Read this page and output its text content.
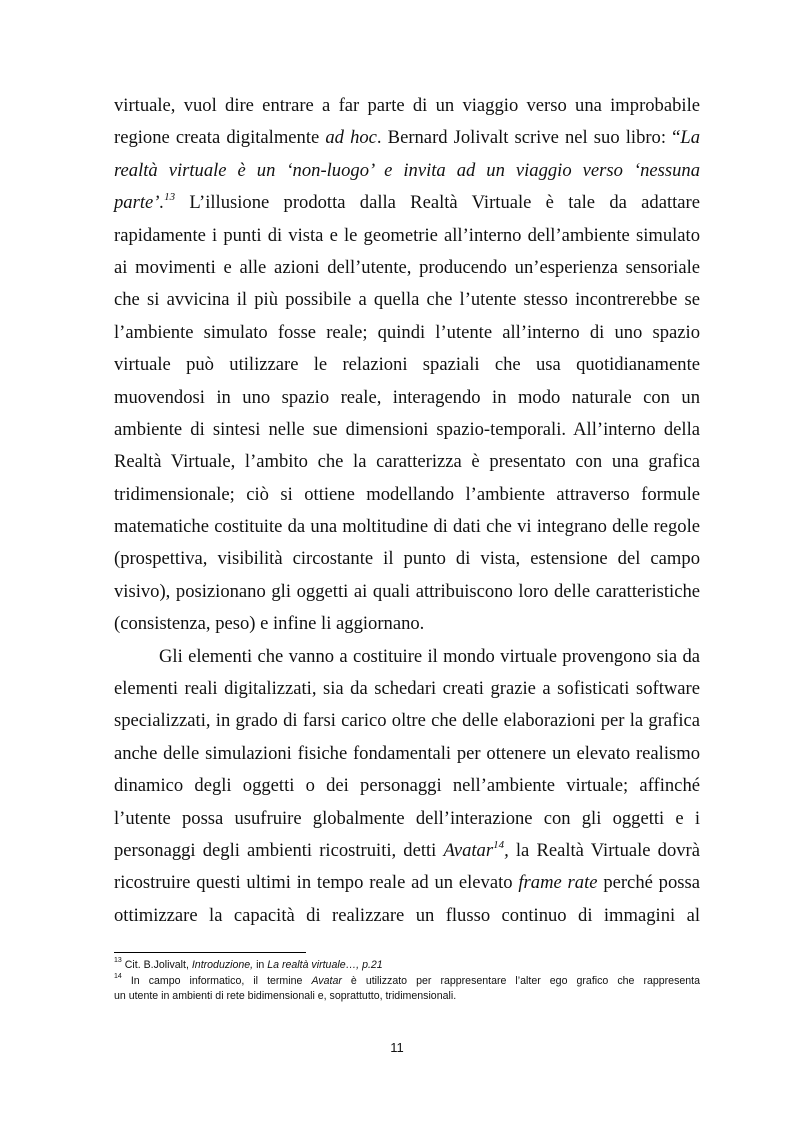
virtuale, vuol dire entrare a far parte di un viaggio verso una improbabile
regione creata digitalmente ad hoc. Bernard Jolivalt scrive nel suo libro: “La
realtà virtuale è un ‘non-luogo’ e invita ad un viaggio verso ‘nessuna
parte’.$^{13}$ L’illusione prodotta dalla Realtà Virtuale è tale da adattare
rapidamente i punti di vista e le geometrie all’interno dell’ambiente simulato
ai movimenti e alle azioni dell’utente, producendo un’esperienza sensoriale
che si avvicina il più possibile a quella che l’utente stesso incontrerebbe se
l’ambiente simulato fosse reale; quindi l’utente all’interno di uno spazio
virtuale può utilizzare le relazioni spaziali che usa quotidianamente
muovendosi in uno spazio reale, interagendo in modo naturale con un
ambiente di sintesi nelle sue dimensioni spazio-temporali. All’interno della
Realtà Virtuale, l’ambito che la caratterizza è presentato con una grafica
tridimensionale; ciò si ottiene modellando l’ambiente attraverso formule
matematiche costituite da una moltitudine di dati che vi integrano delle regole
(prospettiva, visibilità circostante il punto di vista, estensione del campo
visivo), posizionano gli oggetti ai quali attribuiscono loro delle caratteristiche
(consistenza, peso) e infine li aggiornano.
Gli elementi che vanno a costituire il mondo virtuale provengono sia da
elementi reali digitalizzati, sia da schedari creati grazie a sofisticati software
specializzati, in grado di farsi carico oltre che delle elaborazioni per la grafica
anche delle simulazioni fisiche fondamentali per ottenere un elevato realismo
dinamico degli oggetti o dei personaggi nell’ambiente virtuale; affinché
l’utente possa usufruire globalmente dell’interazione con gli oggetti e i
personaggi degli ambienti ricostruiti, detti Avatar$^{14}$, la Realtà Virtuale dovrà
ricostruire questi ultimi in tempo reale ad un elevato frame rate perché possa
ottimizzare la capacità di realizzare un flusso continuo di immagini al
$^{13}$ Cit. B.Jolivalt, Introduzione, in La realtà virtuale…, p.21
$^{14}$ In campo informatico, il termine Avatar è utilizzato per rappresentare l’alter ego grafico che rappresenta
un utente in ambienti di rete bidimensionali e, soprattutto, tridimensionali.
11
